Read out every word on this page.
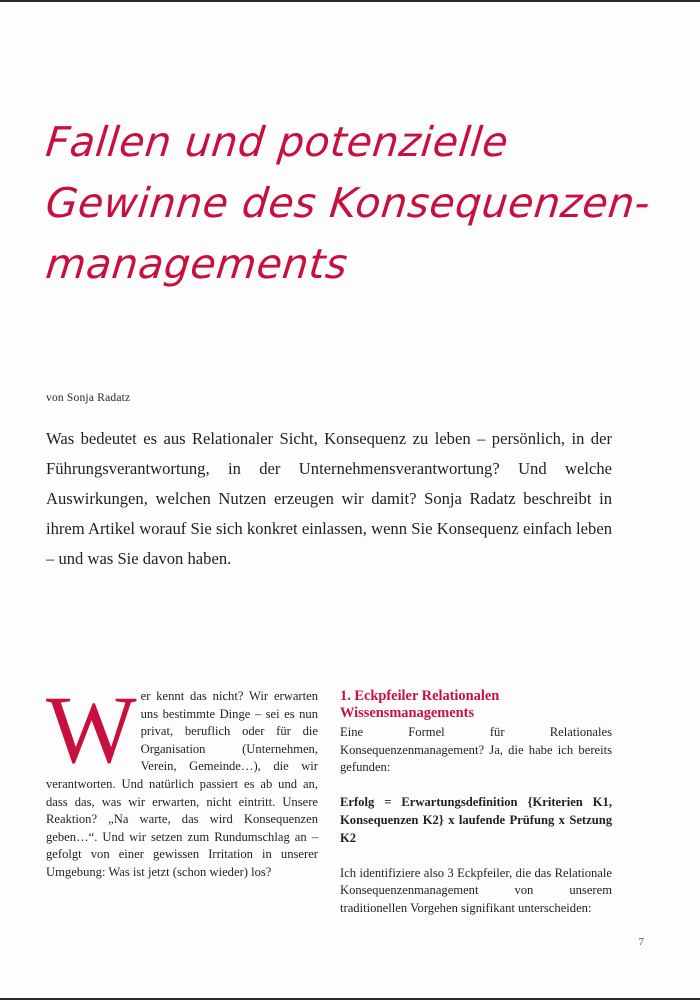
Fallen und potenzielle
Gewinne des Konsequenzen-
managements
von Sonja Radatz
Was bedeutet es aus Relationaler Sicht, Konsequenz zu leben – persönlich, in der Führungsverantwortung, in der Unternehmensverantwortung? Und welche Auswirkungen, welchen Nutzen erzeugen wir damit? Sonja Radatz beschreibt in ihrem Artikel worauf Sie sich konkret einlassen, wenn Sie Konsequenz einfach leben – und was Sie davon haben.

Wer kennt das nicht? Wir erwarten uns bestimmte Dinge – sei es nun privat, beruflich oder für die Organisation (Unternehmen, Verein, Gemeinde…), die wir verantworten. Und natürlich passiert es ab und an, dass das, was wir erwarten, nicht eintritt. Unsere Reaktion? „Na warte, das wird Konsequenzen geben…“. Und wir setzen zum Rundumschlag an – gefolgt von einer gewissen Irritation in unserer Umgebung: Was ist jetzt (schon wieder) los?

1. Eckpfeiler Relationalen Wissensmanagements

Eine Formel für Relationales Konsequenzenmanagement? Ja, die habe ich bereits gefunden:

Erfolg = Erwartungsdefinition {Kriterien K1, Konsequenzen K2} x laufende Prüfung x Setzung K2

Ich identifiziere also 3 Eckpfeiler, die das Relationale Konsequenzenmanagement von unserem traditionellen Vorgehen signifikant unterscheiden:

7
